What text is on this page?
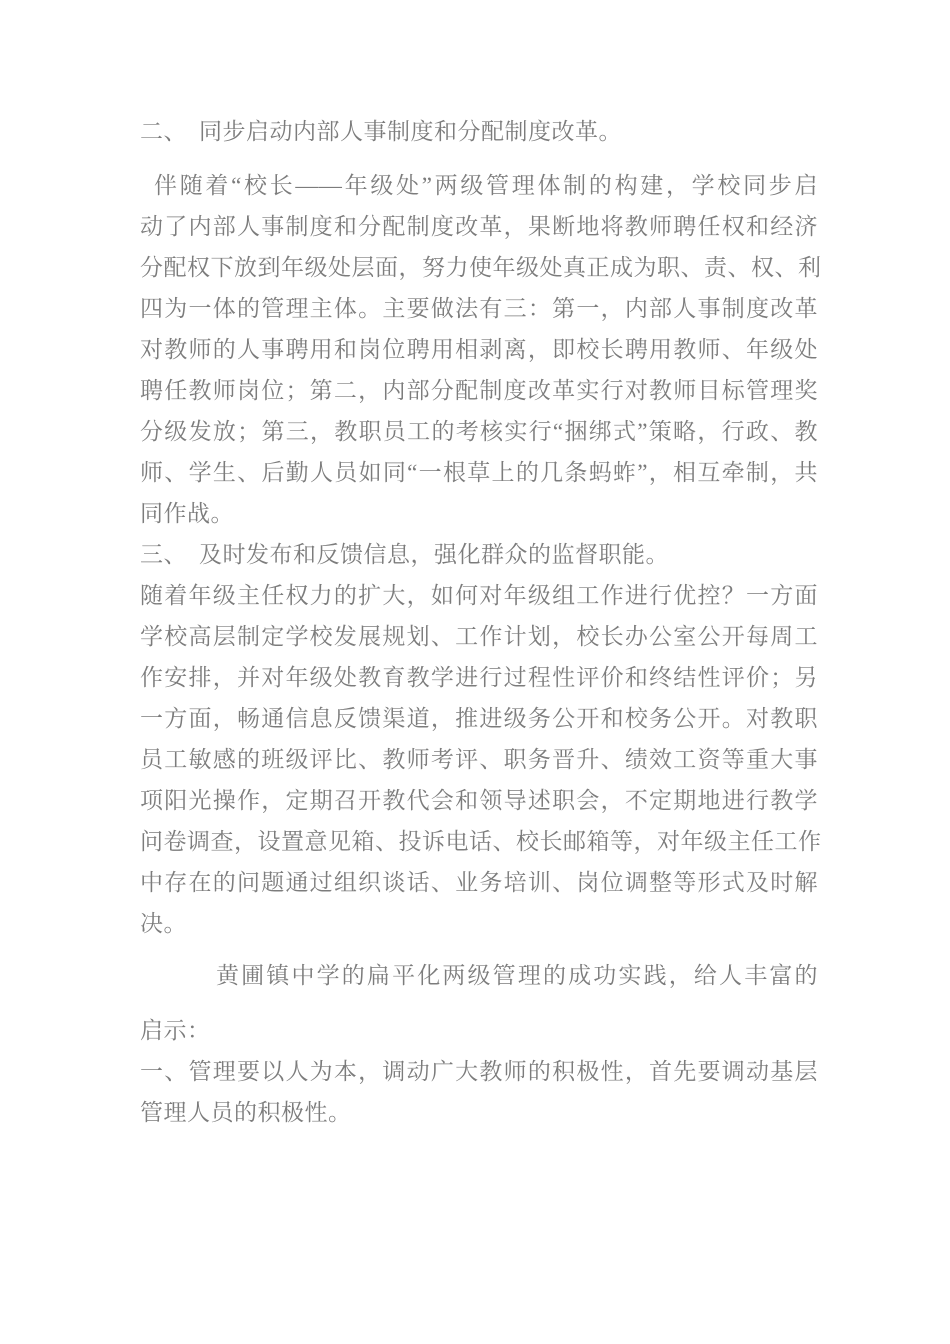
二、　同步启动内部人事制度和分配制度改革。
伴随着“校长——年级处”两级管理体制的构建，学校同步启
动了内部人事制度和分配制度改革，果断地将教师聘任权和经济
分配权下放到年级处层面，努力使年级处真正成为职、责、权、利
四为一体的管理主体。主要做法有三：第一，内部人事制度改革
对教师的人事聘用和岗位聘用相剥离，即校长聘用教师、年级处
聘任教师岗位；第二，内部分配制度改革实行对教师目标管理奖
分级发放；第三，教职员工的考核实行“捆绑式”策略，行政、教
师、学生、后勤人员如同“一根草上的几条蚂蚱”，相互牵制，共
同作战。
三、　及时发布和反馈信息，强化群众的监督职能。
随着年级主任权力的扩大，如何对年级组工作进行优控？一方面
学校高层制定学校发展规划、工作计划，校长办公室公开每周工
作安排，并对年级处教育教学进行过程性评价和终结性评价；另
一方面，畅通信息反馈渠道，推进级务公开和校务公开。对教职
员工敏感的班级评比、教师考评、职务晋升、绩效工资等重大事
项阳光操作，定期召开教代会和领导述职会，不定期地进行教学
问卷调查，设置意见箱、投诉电话、校长邮箱等，对年级主任工作
中存在的问题通过组织谈话、业务培训、岗位调整等形式及时解
决。
黄圃镇中学的扁平化两级管理的成功实践，给人丰富的
启示：
一、管理要以人为本，调动广大教师的积极性，首先要调动基层
管理人员的积极性。
